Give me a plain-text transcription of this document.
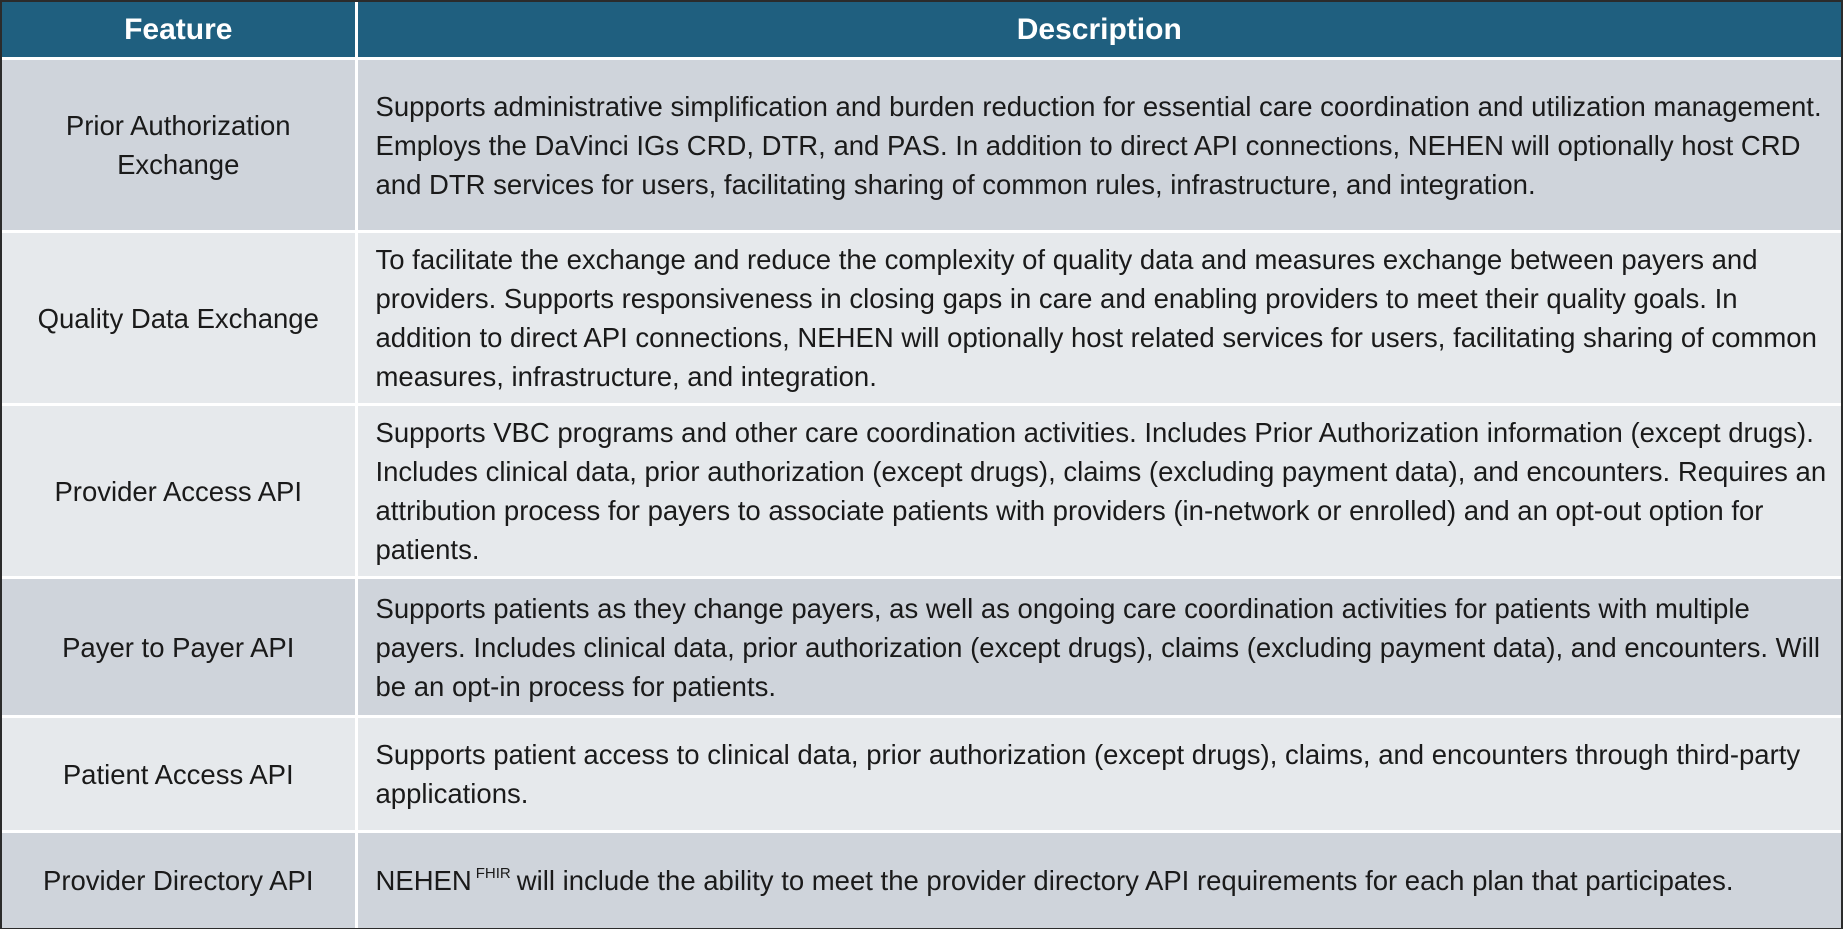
Feature	Description
Prior Authorization Exchange	Supports administrative simplification and burden reduction for essential care coordination and utilization management. Employs the DaVinci IGs CRD, DTR, and PAS. In addition to direct API connections, NEHEN will optionally host CRD and DTR services for users, facilitating sharing of common rules, infrastructure, and integration.
Quality Data Exchange	To facilitate the exchange and reduce the complexity of quality data and measures exchange between payers and providers. Supports responsiveness in closing gaps in care and enabling providers to meet their quality goals. In addition to direct API connections, NEHEN will optionally host related services for users, facilitating sharing of common measures, infrastructure, and integration.
Provider Access API	Supports VBC programs and other care coordination activities. Includes Prior Authorization information (except drugs). Includes clinical data, prior authorization (except drugs), claims (excluding payment data), and encounters. Requires an attribution process for payers to associate patients with providers (in-network or enrolled) and an opt-out option for patients.
Payer to Payer API	Supports patients as they change payers, as well as ongoing care coordination activities for patients with multiple payers. Includes clinical data, prior authorization (except drugs), claims (excluding payment data), and encounters. Will be an opt-in process for patients.
Patient Access API	Supports patient access to clinical data, prior authorization (except drugs), claims, and encounters through third-party applications.
Provider Directory API	NEHEN $^{FHIR}$ will include the ability to meet the provider directory API requirements for each plan that participates.
